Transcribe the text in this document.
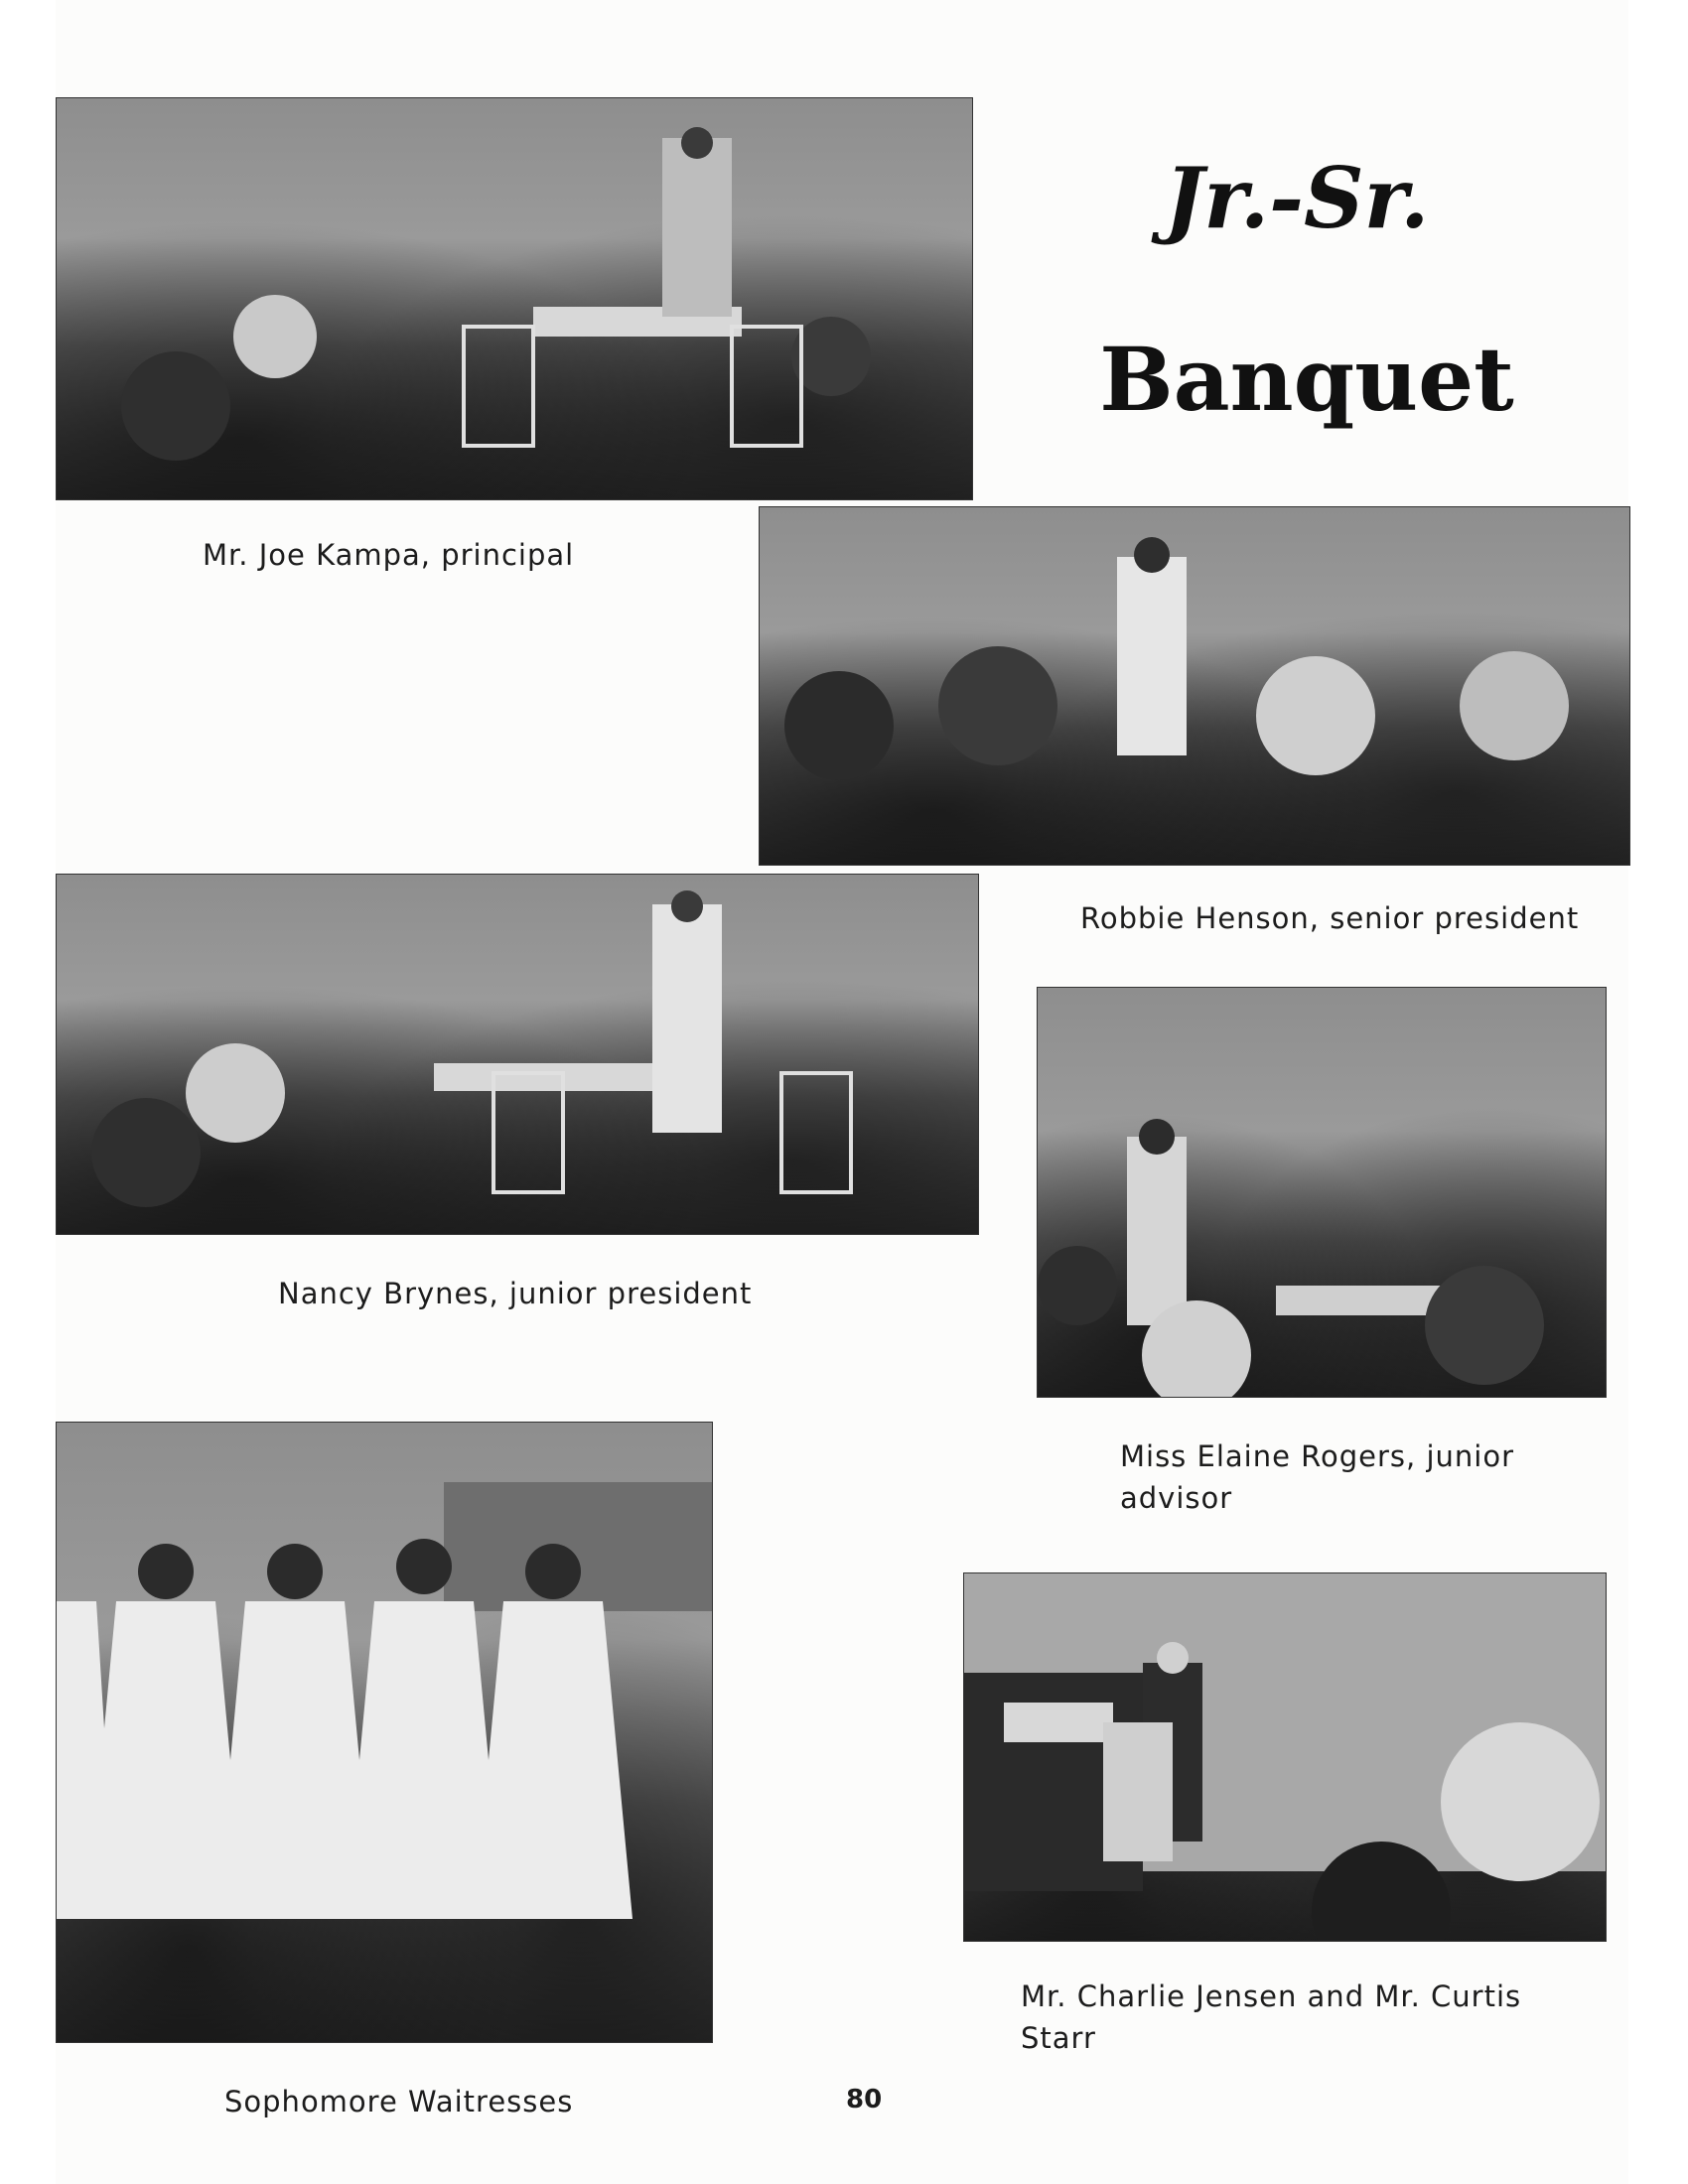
Jr.-Sr.
Banquet
Mr. Joe Kampa, principal
Robbie Henson, senior president
Nancy Brynes, junior president
Miss Elaine Rogers, junior
advisor
Sophomore Waitresses
Mr. Charlie Jensen and Mr. Curtis
Starr
80
